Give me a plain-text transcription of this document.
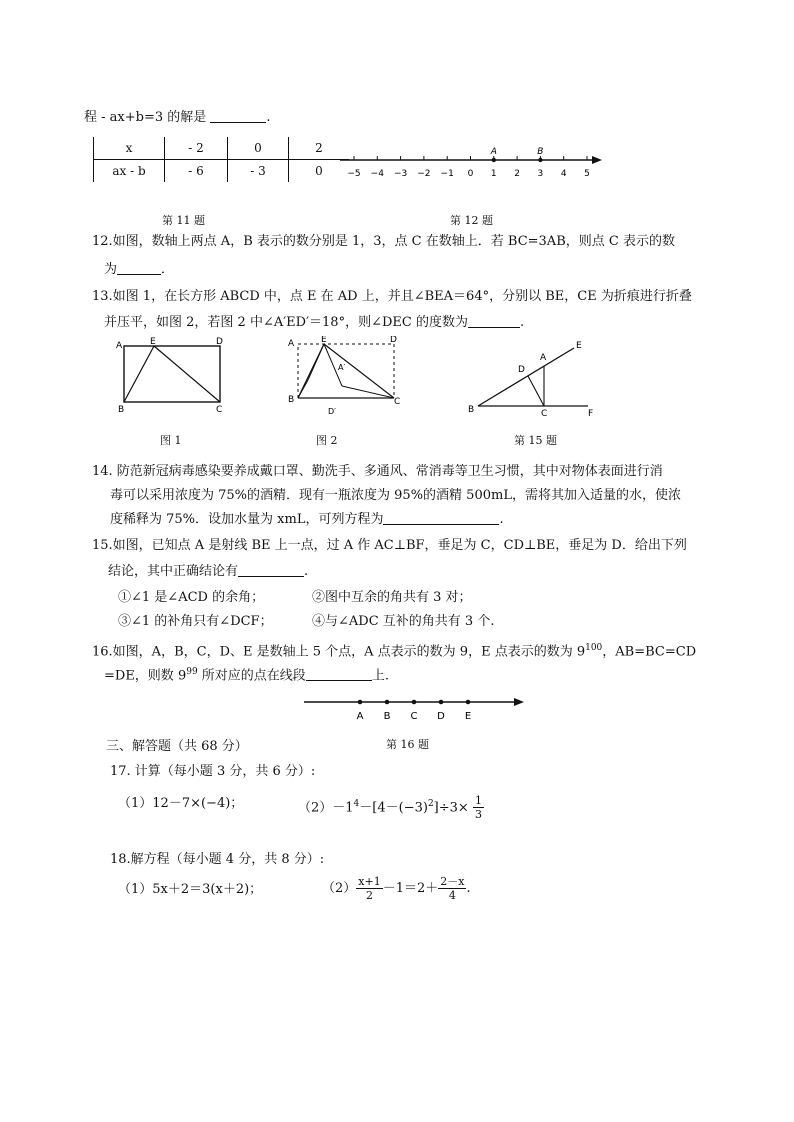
程 - ax+b=3 的解是	.
x	- 2	0	2
ax - b	- 6	- 3	0
第 11 题
−5 −4 −3 −2 −1 0 1 2 3 4 5
A	B
第 12 题
12.如图，数轴上两点 A，B 表示的数分别是 1，3，点 C 在数轴上．若 BC=3AB，则点 C 表示的数
为	．
13.如图 1，在长方形 ABCD 中，点 E 在 AD 上，并且∠BEA＝64°，分别以 BE，CE 为折痕进行折叠
并压平，如图 2，若图 2 中∠A′ED′＝18°，则∠DEC 的度数为	.
A	E	D
B	C
图 1
A	E	D
B	C
A′
D′
图 2
E
A
D
B	C	F
第 15 题
14. 防范新冠病毒感染要养成戴口罩、勤洗手、多通风、常消毒等卫生习惯，其中对物体表面进行消
毒可以采用浓度为 75%的酒精．现有一瓶浓度为 95%的酒精 500mL，需将其加入适量的水，使浓
度稀释为 75%．设加水量为 xmL，可列方程为	.
15.如图，已知点 A 是射线 BE 上一点，过 A 作 AC⊥BF，垂足为 C，CD⊥BE，垂足为 D．给出下列
结论，其中正确结论有	.
①∠1 是∠ACD 的余角；	②图中互余的角共有 3 对；
③∠1 的补角只有∠DCF；	④与∠ADC 互补的角共有 3 个.
16.如图，A，B，C，D、E 是数轴上 5 个点，A 点表示的数为 9，E 点表示的数为 $9^{100}$，AB=BC=CD
=DE，则数 $9^{99}$ 所对应的点在线段	上.
A B C D E
第 16 题
三、解答题（共 68 分）
17. 计算（每小题 3 分，共 6 分）:
（1）12－7×(−4)；	$(2)-1^4-[4-(-3)^2]\div 3\times \frac{1}{3}$
18.解方程（每小题 4 分，共 8 分）:
（1）5x＋2＝3(x＋2)；	$(2) \frac{x+1}{2} -1=2+ \frac{2-x}{4}$ .
